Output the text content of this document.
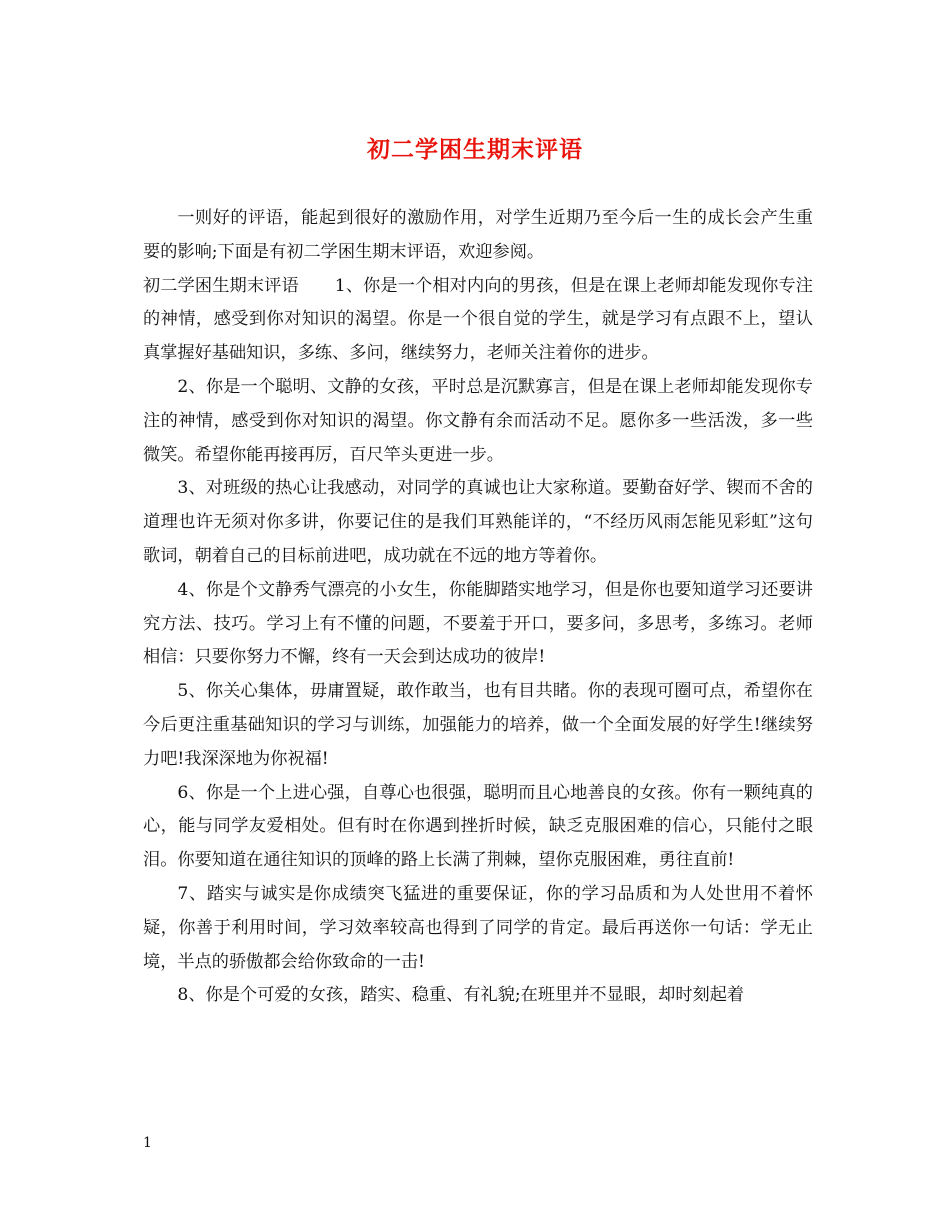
初二学困生期末评语

一则好的评语，能起到很好的激励作用，对学生近期乃至今后一生的成长会产生重要的影响;下面是有初二学困生期末评语，欢迎参阅。

初二学困生期末评语 1、你是一个相对内向的男孩，但是在课上老师却能发现你专注的神情，感受到你对知识的渴望。你是一个很自觉的学生，就是学习有点跟不上，望认真掌握好基础知识，多练、多问，继续努力，老师关注着你的进步。

2、你是一个聪明、文静的女孩，平时总是沉默寡言，但是在课上老师却能发现你专注的神情，感受到你对知识的渴望。你文静有余而活动不足。愿你多一些活泼，多一些微笑。希望你能再接再厉，百尺竿头更进一步。

3、对班级的热心让我感动，对同学的真诚也让大家称道。要勤奋好学、锲而不舍的道理也许无须对你多讲，你要记住的是我们耳熟能详的，“不经历风雨怎能见彩虹”这句歌词，朝着自己的目标前进吧，成功就在不远的地方等着你。

4、你是个文静秀气漂亮的小女生，你能脚踏实地学习，但是你也要知道学习还要讲究方法、技巧。学习上有不懂的问题，不要羞于开口，要多问，多思考，多练习。老师相信：只要你努力不懈，终有一天会到达成功的彼岸!

5、你关心集体，毋庸置疑，敢作敢当，也有目共睹。你的表现可圈可点，希望你在今后更注重基础知识的学习与训练，加强能力的培养，做一个全面发展的好学生!继续努力吧!我深深地为你祝福!

6、你是一个上进心强，自尊心也很强，聪明而且心地善良的女孩。你有一颗纯真的心，能与同学友爱相处。但有时在你遇到挫折时候，缺乏克服困难的信心，只能付之眼泪。你要知道在通往知识的顶峰的路上长满了荆棘，望你克服困难，勇往直前!

7、踏实与诚实是你成绩突飞猛进的重要保证，你的学习品质和为人处世用不着怀疑，你善于利用时间，学习效率较高也得到了同学的肯定。最后再送你一句话：学无止境，半点的骄傲都会给你致命的一击!

8、你是个可爱的女孩，踏实、稳重、有礼貌;在班里并不显眼，却时刻起着

1
